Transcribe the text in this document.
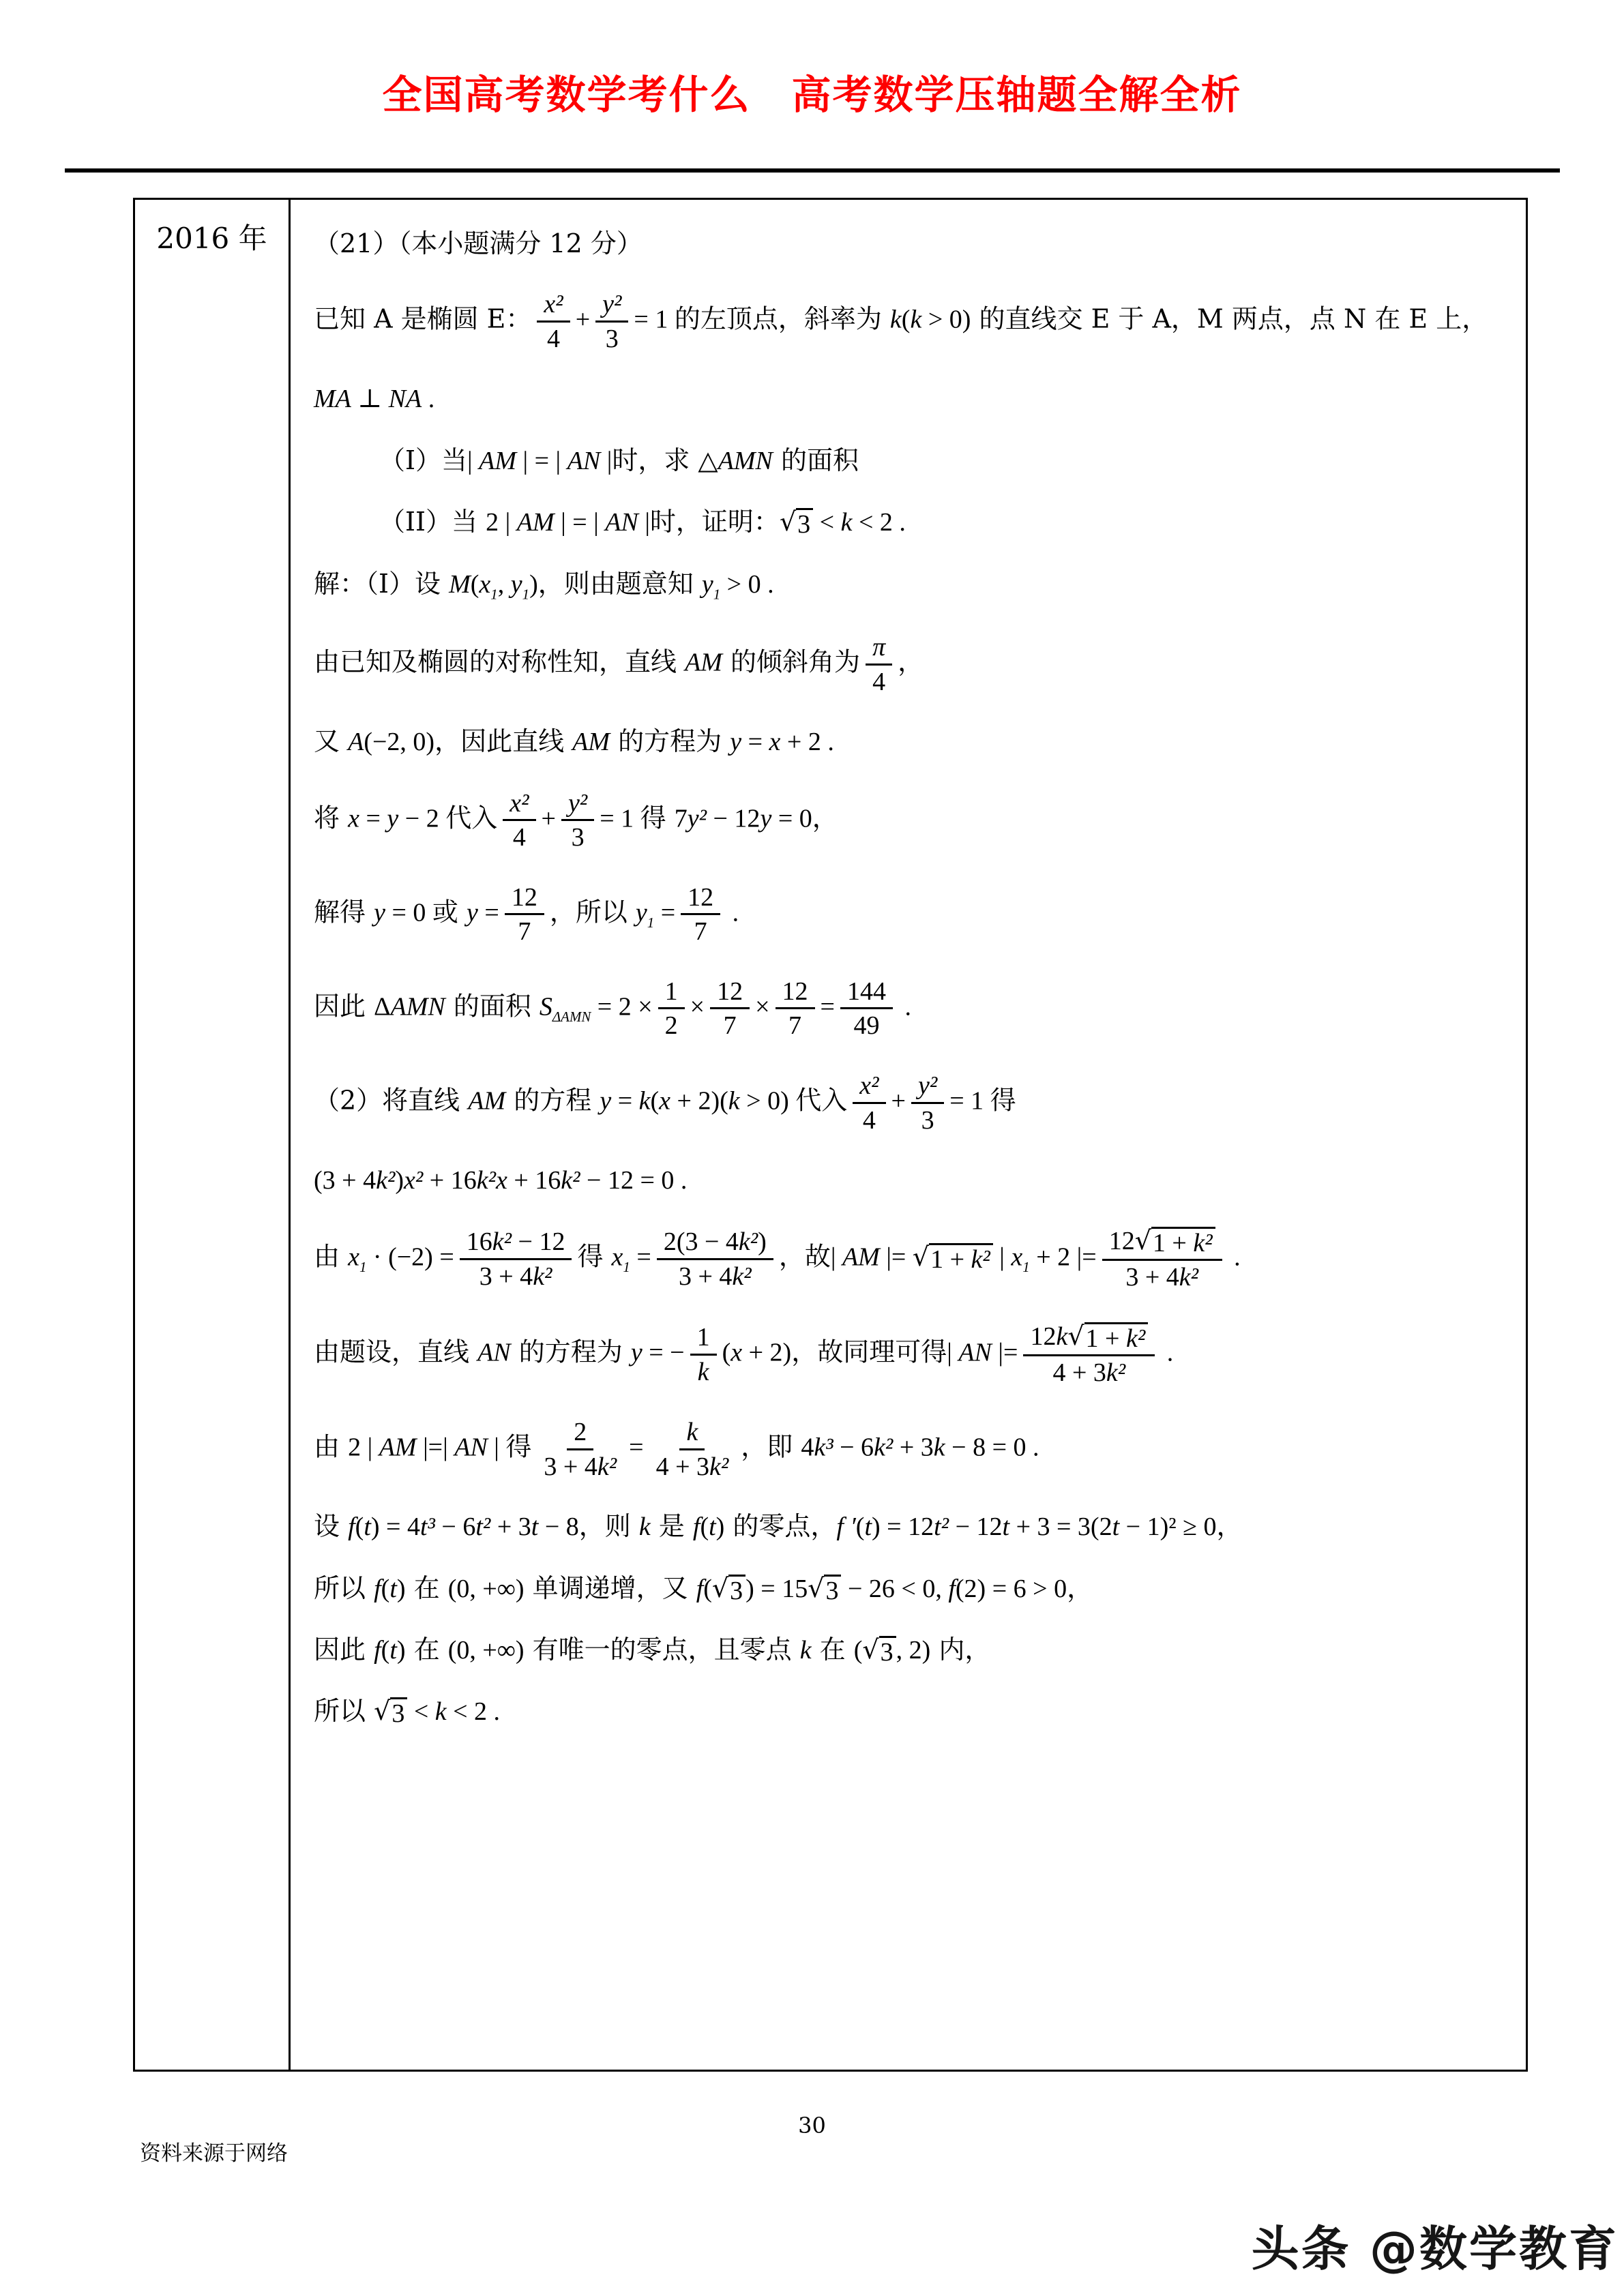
全国高考数学考什么　高考数学压轴题全解全析
2016 年	（21）（本小题满分 12 分）
已知 A 是椭圆 E： $\frac{\text{x²}}{4} + \frac{\text{y²}}{3} = 1$ 的左顶点，斜率为 k(k > 0) 的直线交 E 于 A，M 两点，点 N 在 E 上，
MA ⊥ NA .
（I）当| AM | = | AN |时，求 △AMN 的面积
（II）当 2 | AM | = | AN |时，证明： √ 3 < k < 2 .
解：（I）设 $M(x_1$, $y_1$)，则由题意知 $y_1 > 0$ .
由已知及椭圆的对称性知，直线 AM 的倾斜角为 $\frac{\pi}{4}$ ，
又 A(−2, 0)，因此直线 AM 的方程为 y = x + 2 .
将 x = y − 2 代入 $\frac{\text{x²}}{4} + \frac{\text{y²}}{3} = 1$ 得 7y² − 12y = 0，
解得 y = 0 或 $y = \frac{12}{7}$ ，所以 $y_1 = \frac{12}{7}$ .
因此 ΔAMN 的面积 $S_{\Delta AMN} = 2 \times \frac{1}{2} \times \frac{12}{7} \times \frac{12}{7} = \frac{144}{49}$ .
（2）将直线 AM 的方程 y = k(x + 2)(k > 0) 代入 $\frac{\text{x²}}{4} + \frac{\text{y²}}{3} = 1$ 得
(3 + 4k²)x² + 16k²x + 16k² − 12 = 0 .
由 $x_1 \cdot (-2) = \frac{\text{16k² − 12}}{\text{3 + 4k²}}$ 得 $x_1 = \frac{\text{2(3 − 4k²)}}{\text{3 + 4k²}}$ ，故| AM |= √ 1 + k² | $x_1 + 2$ |= $\frac{\text{12 √ 1 + k²}}{\text{3 + 4k²}}$ .
由题设，直线 AN 的方程为 y = − $\frac{1}{k} (x + 2)$，故同理可得| AN |= $\frac{\text{12k √ 1 + k²}}{\text{4 + 3k²}}$ .
由 2 | AM |=| AN | 得 $\frac{2}{\text{3 + 4k²}} = \frac{k}{\text{4 + 3k²}}$ ，即 4k³ − 6k² + 3k − 8 = 0 .
设 f(t) = 4t³ − 6t² + 3t − 8，则 k 是 f(t) 的零点，f ′(t) = 12t² − 12t + 3 = 3(2t − 1)² ≥ 0，
所以 f(t) 在 (0, +∞) 单调递增，又 f( √ 3 ) = 15 √ 3 − 26 < 0, f(2) = 6 > 0，
因此 f(t) 在 (0, +∞) 有唯一的零点，且零点 k 在 ( √ 3 , 2) 内，
所以 √ 3 < k < 2 .
30
资料来源于网络
头条 @数学教育
